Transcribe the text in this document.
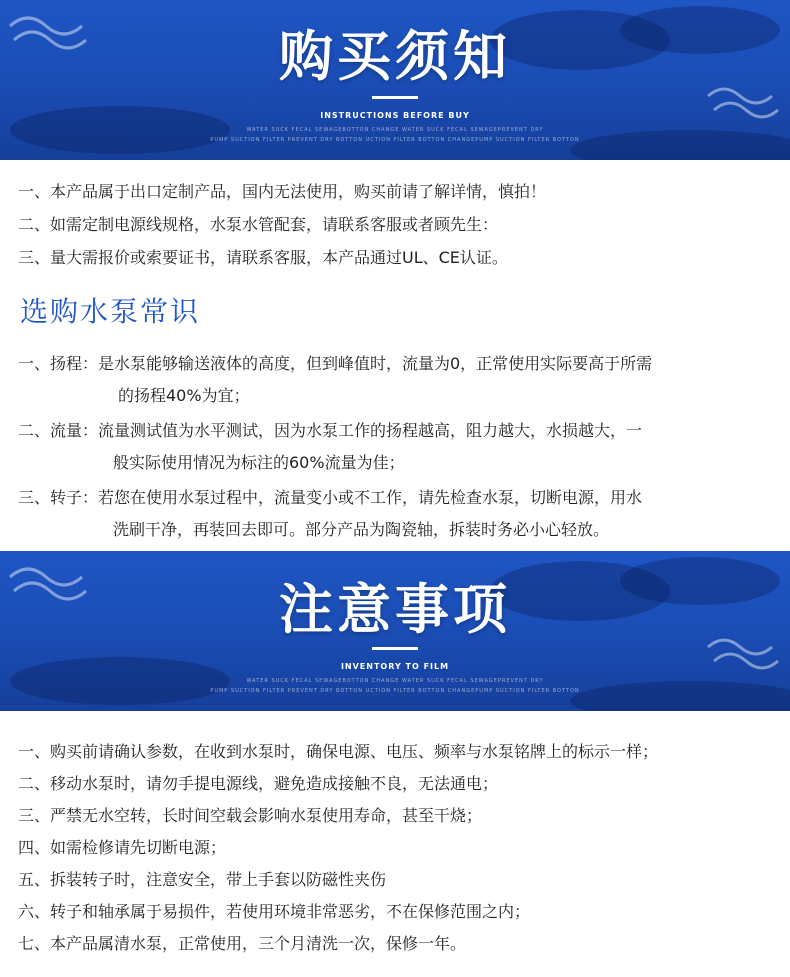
购买须知
INSTRUCTIONS BEFORE BUY
WATER SUCK FECAL SEWAGEBOTTON CHANGE WATER SUCK FECAL SEWAGEPREVENT DRY
PUMP SUCTION FILTER PREVENT DRY BOTTON UCTION FILTER BOTTON CHANGEPUMP SUCTION FILTER BOTTON
一、本产品属于出口定制产品，国内无法使用，购买前请了解详情，慎拍！
二、如需定制电源线规格，水泵水管配套，请联系客服或者顾先生：
三、量大需报价或索要证书，请联系客服，本产品通过UL、CE认证。
选购水泵常识
一、扬程：是水泵能够输送液体的高度，但到峰值时，流量为0，正常使用实际要高于所需
的扬程40%为宜；
二、流量：流量测试值为水平测试，因为水泵工作的扬程越高，阻力越大，水损越大，一
般实际使用情况为标注的60%流量为佳；
三、转子：若您在使用水泵过程中，流量变小或不工作，请先检查水泵，切断电源，用水
洗刷干净，再装回去即可。部分产品为陶瓷轴，拆装时务必小心轻放。
注意事项
INVENTORY TO FILM
WATER SUCK FECAL SEWAGEBOTTON CHANGE WATER SUCK FECAL SEWAGEPREVENT DRY
PUMP SUCTION FILTER PREVENT DRY BOTTON UCTION FILTER BOTTON CHANGEPUMP SUCTION FILTER BOTTON
一、购买前请确认参数，在收到水泵时，确保电源、电压、频率与水泵铭牌上的标示一样；
二、移动水泵时，请勿手提电源线，避免造成接触不良，无法通电；
三、严禁无水空转，长时间空载会影响水泵使用寿命，甚至干烧；
四、如需检修请先切断电源；
五、拆装转子时，注意安全，带上手套以防磁性夹伤
六、转子和轴承属于易损件，若使用环境非常恶劣，不在保修范围之内；
七、本产品属清水泵，正常使用，三个月清洗一次，保修一年。
